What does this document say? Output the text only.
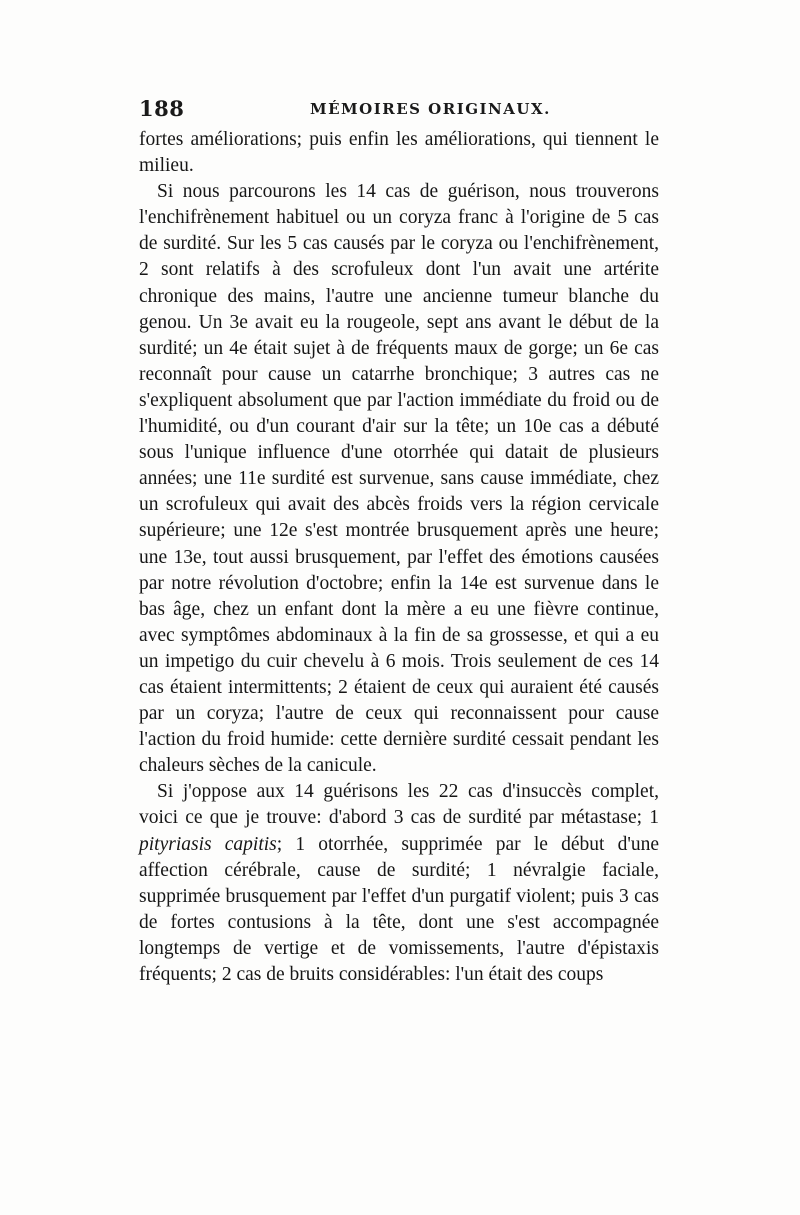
188	MÉMOIRES ORIGINAUX.

fortes améliorations; puis enfin les améliorations, qui tiennent le milieu.

Si nous parcourons les 14 cas de guérison, nous trouverons l'enchifrènement habituel ou un coryza franc à l'origine de 5 cas de surdité. Sur les 5 cas causés par le coryza ou l'enchifrènement, 2 sont relatifs à des scrofuleux dont l'un avait une artérite chronique des mains, l'autre une ancienne tumeur blanche du genou. Un 3e avait eu la rougeole, sept ans avant le début de la surdité; un 4e était sujet à de fréquents maux de gorge; un 6e cas reconnaît pour cause un catarrhe bronchique; 3 autres cas ne s'expliquent absolument que par l'action immédiate du froid ou de l'humidité, ou d'un courant d'air sur la tête; un 10e cas a débuté sous l'unique influence d'une otorrhée qui datait de plusieurs années; une 11e surdité est survenue, sans cause immédiate, chez un scrofuleux qui avait des abcès froids vers la région cervicale supérieure; une 12e s'est montrée brusquement après une heure; une 13e, tout aussi brusquement, par l'effet des émotions causées par notre révolution d'octobre; enfin la 14e est survenue dans le bas âge, chez un enfant dont la mère a eu une fièvre continue, avec symptômes abdominaux à la fin de sa grossesse, et qui a eu un impetigo du cuir chevelu à 6 mois. Trois seulement de ces 14 cas étaient intermittents; 2 étaient de ceux qui auraient été causés par un coryza; l'autre de ceux qui reconnaissent pour cause l'action du froid humide: cette dernière surdité cessait pendant les chaleurs sèches de la canicule.

Si j'oppose aux 14 guérisons les 22 cas d'insuccès complet, voici ce que je trouve: d'abord 3 cas de surdité par métastase; 1 pityriasis capitis; 1 otorrhée, supprimée par le début d'une affection cérébrale, cause de surdité; 1 névralgie faciale, supprimée brusquement par l'effet d'un purgatif violent; puis 3 cas de fortes contusions à la tête, dont une s'est accompagnée longtemps de vertige et de vomissements, l'autre d'épistaxis fréquents; 2 cas de bruits considérables: l'un était des coups
